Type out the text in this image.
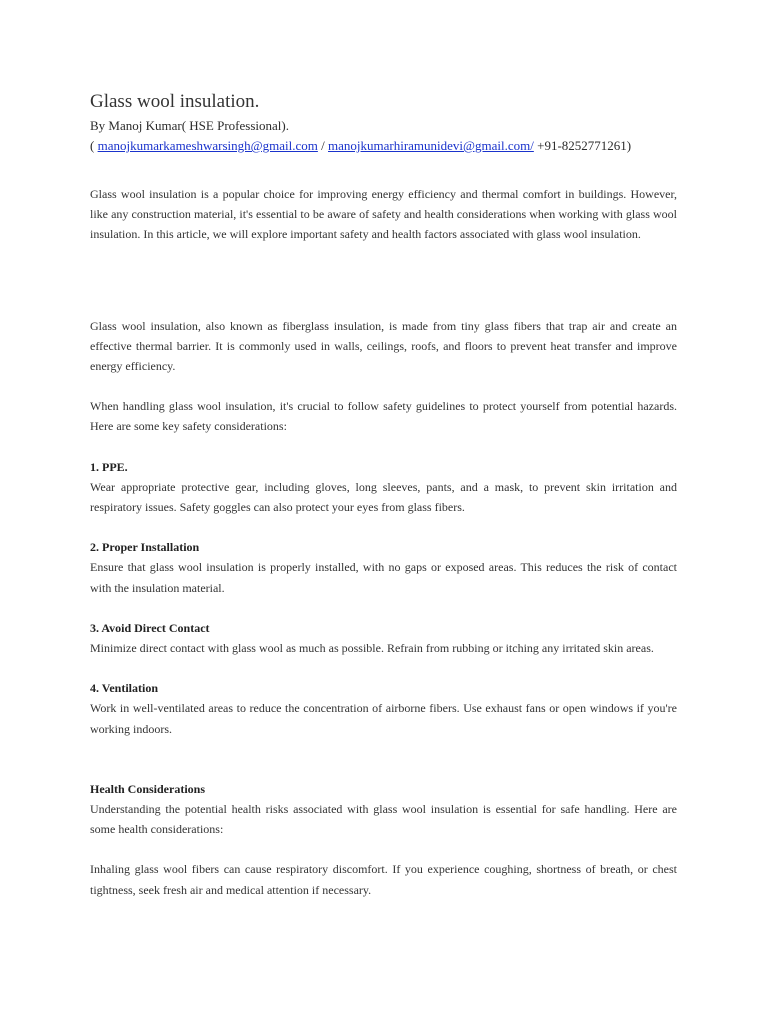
Glass wool insulation.

By Manoj Kumar( HSE Professional).

( manojkumarkameshwarsingh@gmail.com / manojkumarhiramunidevi@gmail.com/ +91-8252771261)

Glass wool insulation is a popular choice for improving energy efficiency and thermal comfort in buildings. However, like any construction material, it's essential to be aware of safety and health considerations when working with glass wool insulation. In this article, we will explore important safety and health factors associated with glass wool insulation.

Glass wool insulation, also known as fiberglass insulation, is made from tiny glass fibers that trap air and create an effective thermal barrier. It is commonly used in walls, ceilings, roofs, and floors to prevent heat transfer and improve energy efficiency.

When handling glass wool insulation, it's crucial to follow safety guidelines to protect yourself from potential hazards. Here are some key safety considerations:

1. PPE.

Wear appropriate protective gear, including gloves, long sleeves, pants, and a mask, to prevent skin irritation and respiratory issues. Safety goggles can also protect your eyes from glass fibers.

2. Proper Installation

Ensure that glass wool insulation is properly installed, with no gaps or exposed areas. This reduces the risk of contact with the insulation material.

3. Avoid Direct Contact

Minimize direct contact with glass wool as much as possible. Refrain from rubbing or itching any irritated skin areas.

4. Ventilation

Work in well-ventilated areas to reduce the concentration of airborne fibers. Use exhaust fans or open windows if you're working indoors.

Health Considerations

Understanding the potential health risks associated with glass wool insulation is essential for safe handling. Here are some health considerations:

Inhaling glass wool fibers can cause respiratory discomfort. If you experience coughing, shortness of breath, or chest tightness, seek fresh air and medical attention if necessary.
